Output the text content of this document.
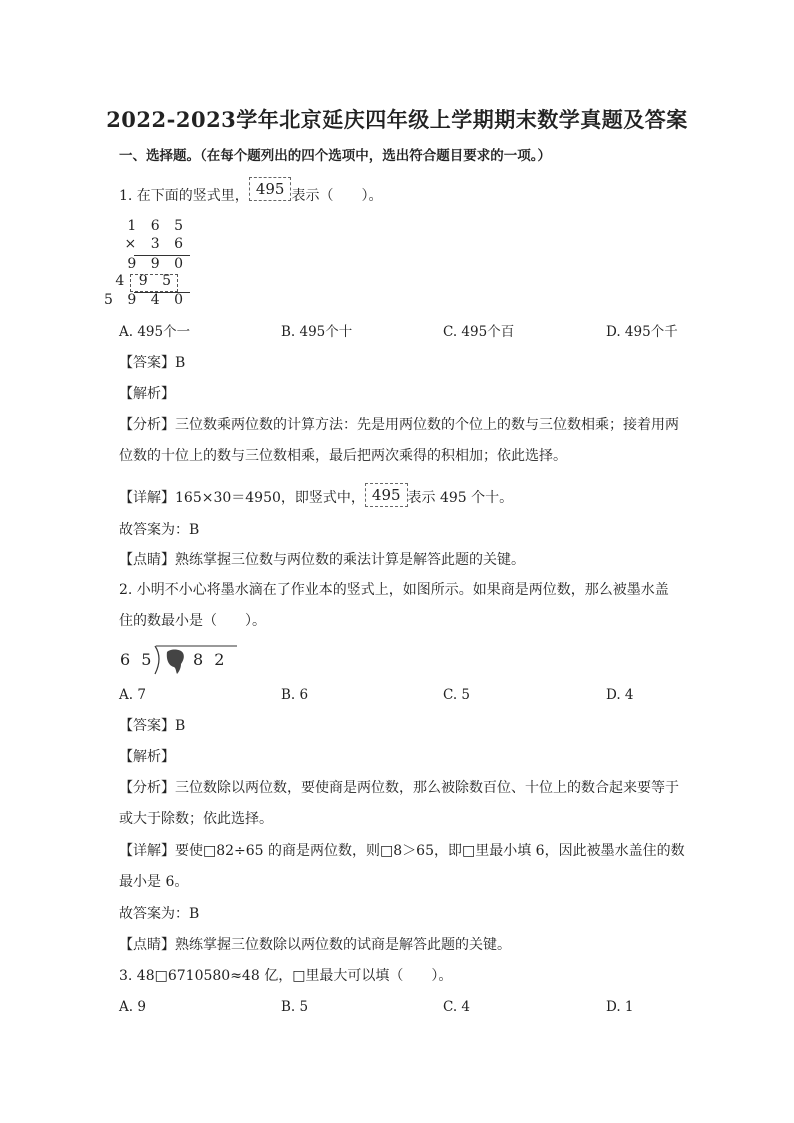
2022-2023学年北京延庆四年级上学期期末数学真题及答案
一、选择题。（在每个题列出的四个选项中，选出符合题目要求的一项。）
1. 在下面的竖式里， 495 表示（　　）。
1 6 5
× 3 6
9 9 0
4 9 5
5 9 4 0
A. 495个一	B. 495个十	C. 495个百	D. 495个千
【答案】B
【解析】
【分析】三位数乘两位数的计算方法：先是用两位数的个位上的数与三位数相乘；接着用两
位数的十位上的数与三位数相乘，最后把两次乘得的积相加；依此选择。
【详解】165×30＝4950，即竖式中， 495 表示 495 个十。
故答案为：B
【点睛】熟练掌握三位数与两位数的乘法计算是解答此题的关键。
2. 小明不小心将墨水滴在了作业本的竖式上，如图所示。如果商是两位数，那么被墨水盖
住的数最小是（　　）。
6 5 8 2
A. 7	B. 6	C. 5	D. 4
【答案】B
【解析】
【分析】三位数除以两位数，要使商是两位数，那么被除数百位、十位上的数合起来要等于
或大于除数；依此选择。
【详解】要使□82÷65 的商是两位数，则□8＞65，即□里最小填 6，因此被墨水盖住的数
最小是 6。
故答案为：B
【点睛】熟练掌握三位数除以两位数的试商是解答此题的关键。
3. 48□6710580≈48 亿，□里最大可以填（　　）。
A. 9	B. 5	C. 4	D. 1
